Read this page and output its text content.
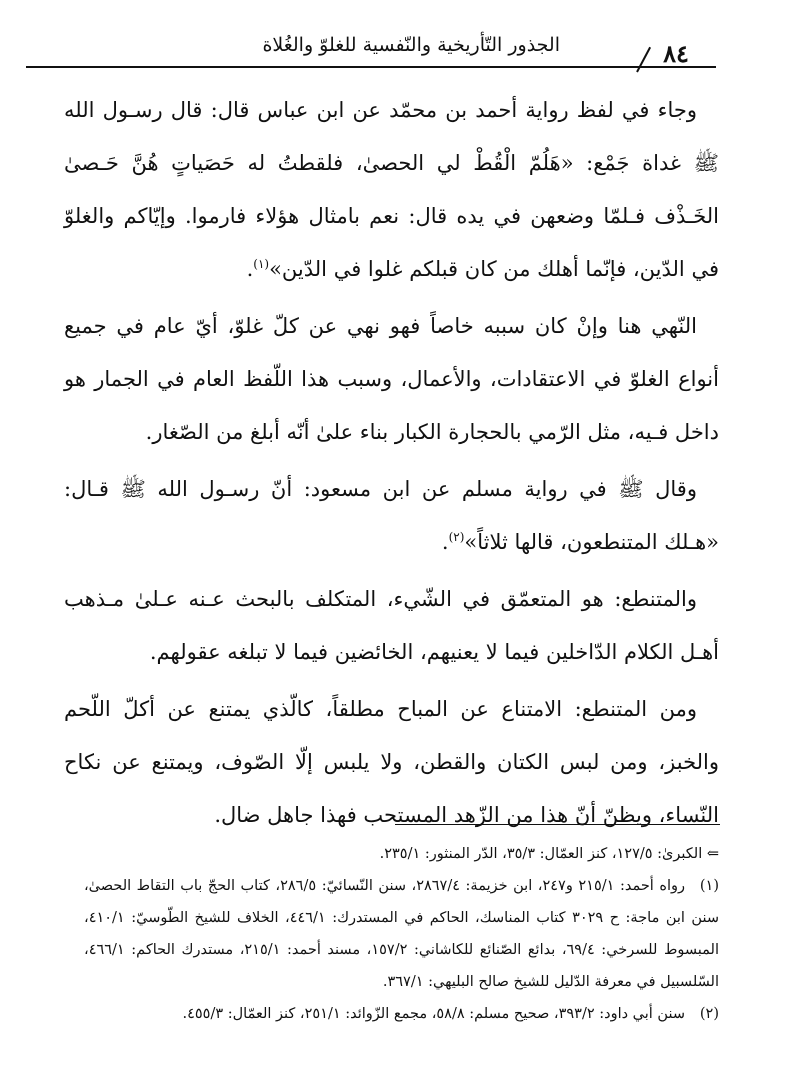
الجذور التّأريخية والنّفسية للغلوّ والغُلاة	٨٤

وجاء في لفظ رواية أحمد بن محمّد عن ابن عباس قال: قال رسـول الله ﷺ غداة جَمْع: «هَلُمّ الْقُطْ لي الحصىٰ، فلقطتُ له حَصَياتٍ هُنَّ حَـصىٰ الخَـذْف فـلمّا وضعهن في يده قال: نعم بامثال هؤلاء فارموا. وإيّاكم والغلوّ في الدّين، فإنّما أهلك من كان قبلكم غلوا في الدّين»$^{(١)}$.

النّهي هنا وإنْ كان سببه خاصاً فهو نهي عن كلّ غلوّ، أيّ عام في جميع أنواع الغلوّ في الاعتقادات، والأعمال، وسبب هذا اللّفظ العام في الجمار هو داخل فـيه، مثل الرّمي بالحجارة الكبار بناء علىٰ أنّه أبلغ من الصّغار.

وقال ﷺ في رواية مسلم عن ابن مسعود: أنّ رسـول الله ﷺ قـال: «هـلك المتنطعون، قالها ثلاثاً»$^{(٢)}$.

والمتنطع: هو المتعمّق في الشّيء، المتكلف بالبحث عـنه عـلىٰ مـذهب أهـل الكلام الدّاخلين فيما لا يعنيهم، الخائضين فيما لا تبلغه عقولهم.

ومن المتنطع: الامتناع عن المباح مطلقاً، كالّذي يمتنع عن أكلّ اللّحم والخبز، ومن لبس الكتان والقطن، ولا يلبس إلّا الصّوف، ويمتنع عن نكاح النّساء، ويظنّ أنّ هذا من الزّهد المستحب فهذا جاهل ضال.

⇐ الكبرىٰ: ١٢٧/٥، كنز العمّال: ٣٥/٣، الدّر المنثور: ٢٣٥/١.

(١)رواه أحمد: ٢١٥/١ و٢٤٧، ابن خزيمة: ٢٨٦٧/٤، سنن النّسائيّ: ٢٨٦/٥، كتاب الحجّ باب التقاط الحصىٰ، سنن ابن ماجة: ح ٣٠٢٩ كتاب المناسك، الحاكم في المستدرك: ٤٤٦/١، الخلاف للشيخ الطّوسيّ: ٤١٠/١، المبسوط للسرخي: ٦٩/٤، بدائع الصّنائع للكاشاني: ١٥٧/٢، مسند أحمد: ٢١٥/١، مستدرك الحاكم: ٤٦٦/١، السّلسبيل في معرفة الدّليل للشيخ صالح البليهي: ٣٦٧/١.

(٢)سنن أبي داود: ٣٩٣/٢، صحيح مسلم: ٥٨/٨، مجمع الزّوائد: ٢٥١/١، كنز العمّال: ٤٥٥/٣.
